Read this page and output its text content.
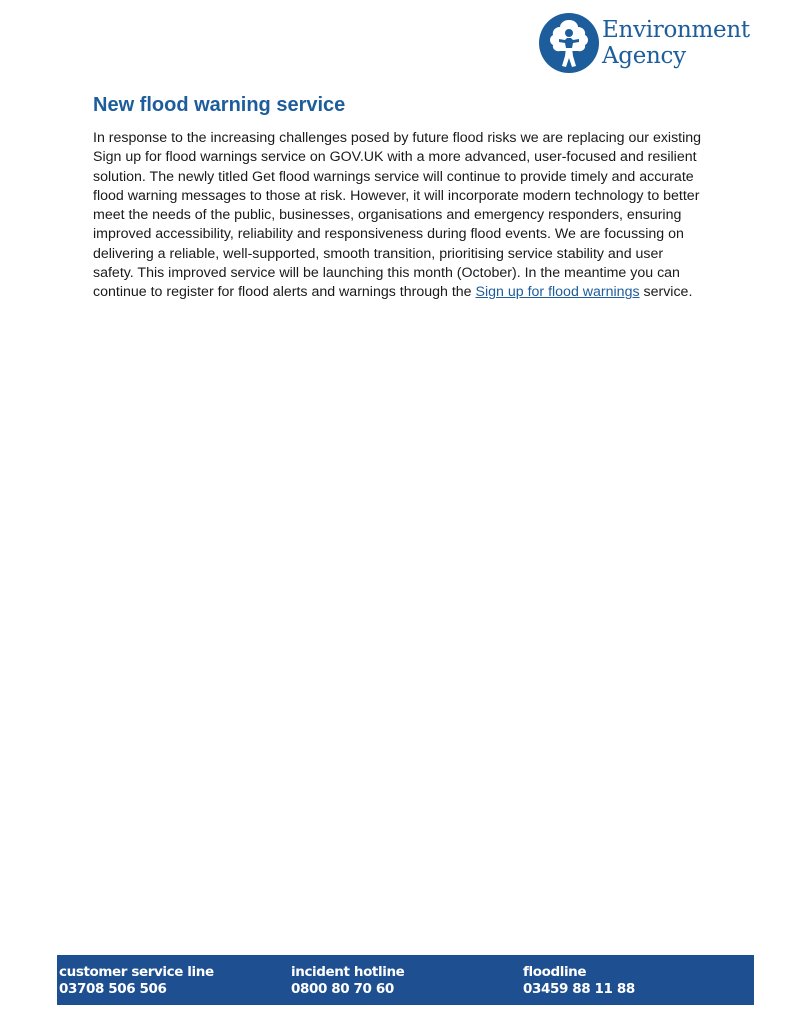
Environment
Agency
New flood warning service

In response to the increasing challenges posed by future flood risks we are replacing our existing Sign up for flood warnings service on GOV.UK with a more advanced, user-focused and resilient solution. The newly titled Get flood warnings service will continue to provide timely and accurate flood warning messages to those at risk. However, it will incorporate modern technology to better meet the needs of the public, businesses, organisations and emergency responders, ensuring improved accessibility, reliability and responsiveness during flood events. We are focussing on delivering a reliable, well-supported, smooth transition, prioritising service stability and user safety. This improved service will be launching this month (October). In the meantime you can continue to register for flood alerts and warnings through the Sign up for flood warnings service.

customer service line
03708 506 506
incident hotline
0800 80 70 60
floodline
03459 88 11 88
